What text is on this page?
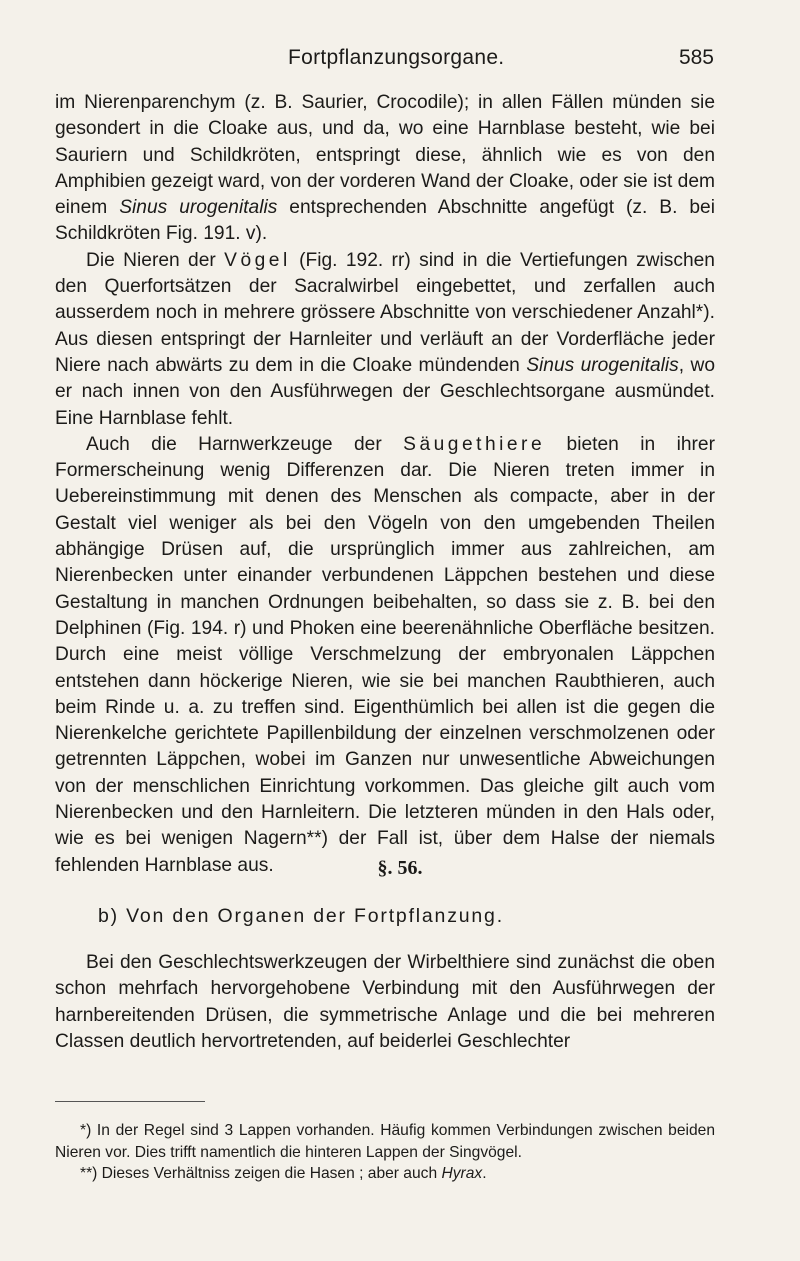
Fortpflanzungsorgane.	585

im Nierenparenchym (z. B. Saurier, Crocodile); in allen Fällen münden sie gesondert in die Cloake aus, und da, wo eine Harnblase besteht, wie bei Sauriern und Schildkröten, entspringt diese, ähnlich wie es von den Amphibien gezeigt ward, von der vorderen Wand der Cloake, oder sie ist dem einem Sinus urogenitalis entsprechenden Abschnitte angefügt (z. B. bei Schildkröten Fig. 191. v).

Die Nieren der Vögel (Fig. 192. rr) sind in die Vertiefungen zwischen den Querfortsätzen der Sacralwirbel eingebettet, und zerfallen auch ausserdem noch in mehrere grössere Abschnitte von verschiedener Anzahl*). Aus diesen entspringt der Harnleiter und verläuft an der Vorderfläche jeder Niere nach abwärts zu dem in die Cloake mündenden Sinus urogenitalis, wo er nach innen von den Ausführwegen der Geschlechtsorgane ausmündet. Eine Harnblase fehlt.

Auch die Harnwerkzeuge der Säugethiere bieten in ihrer Formerscheinung wenig Differenzen dar. Die Nieren treten immer in Uebereinstimmung mit denen des Menschen als compacte, aber in der Gestalt viel weniger als bei den Vögeln von den umgebenden Theilen abhängige Drüsen auf, die ursprünglich immer aus zahlreichen, am Nierenbecken unter einander verbundenen Läppchen bestehen und diese Gestaltung in manchen Ordnungen beibehalten, so dass sie z. B. bei den Delphinen (Fig. 194. r) und Phoken eine beerenähnliche Oberfläche besitzen. Durch eine meist völlige Verschmelzung der embryonalen Läppchen entstehen dann höckerige Nieren, wie sie bei manchen Raubthieren, auch beim Rinde u. a. zu treffen sind. Eigenthümlich bei allen ist die gegen die Nierenkelche gerichtete Papillenbildung der einzelnen verschmolzenen oder getrennten Läppchen, wobei im Ganzen nur unwesentliche Abweichungen von der menschlichen Einrichtung vorkommen. Das gleiche gilt auch vom Nierenbecken und den Harnleitern. Die letzteren münden in den Hals oder, wie es bei wenigen Nagern**) der Fall ist, über dem Halse der niemals fehlenden Harnblase aus.	§. 56.
b) Von den Organen der Fortpflanzung.

Bei den Geschlechtswerkzeugen der Wirbelthiere sind zunächst die oben schon mehrfach hervorgehobene Verbindung mit den Ausführwegen der harnbereitenden Drüsen, die symmetrische Anlage und die bei mehreren Classen deutlich hervortretenden, auf beiderlei Geschlechter

*) In der Regel sind 3 Lappen vorhanden. Häufig kommen Verbindungen zwischen beiden Nieren vor. Dies trifft namentlich die hinteren Lappen der Singvögel.

**) Dieses Verhältniss zeigen die Hasen ; aber auch Hyrax.
